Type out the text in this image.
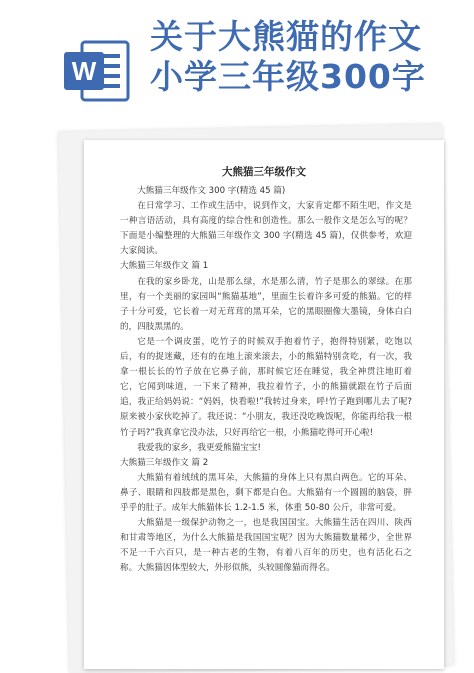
W
关于大熊猫的作文
小学三年级300字
大熊猫三年级作文

大熊猫三年级作文 300 字(精选 45 篇)

在日常学习、工作或生活中，说到作文，大家肯定都不陌生吧，作文是一种言语活动，具有高度的综合性和创造性。那么一般作文是怎么写的呢？下面是小编整理的大熊猫三年级作文 300 字(精选 45 篇)，仅供参考，欢迎大家阅读。

大熊猫三年级作文 篇 1

在我的家乡卧龙，山是那么绿，水是那么清，竹子是那么的翠绿。在那里，有一个美丽的家园叫“熊猫基地”，里面生长着许多可爱的熊猫。它的样子十分可爱，它长着一对无茸茸的黑耳朵，它的黑眼圈像大墨镜，身体白白的，四肢黑黑的。

它是一个调皮蛋，吃竹子的时候双手抱着竹子，抱得特别紧，吃饱以后，有的捉迷藏，还有的在地上滚来滚去，小的熊猫特别贪吃，有一次，我拿一根长长的竹子放在它鼻子前，那时候它还在睡觉，我全神贯注地盯着它，它闻到味道，一下来了精神，我拉着竹子，小的熊猫就跟在竹子后面追，我正给妈妈说：“妈妈，快看啦!”我转过身来，呼!竹子跑到哪儿去了呢?原来被小家伙吃掉了。我还说：“小朋友，我还没吃晚饭呢，你能再给我一根竹子吗?”我真拿它没办法，只好再给它一根，小熊猫吃得可开心啦!

我爱我的家乡，我更爱熊猫宝宝!

大熊猫三年级作文 篇 2

大熊猫有着绒绒的黑耳朵，大熊猫的身体上只有黑白两色。它的耳朵、鼻子、眼睛和四肢都是黑色，剩下都是白色。大熊猫有一个圆圆的脑袋，胖乎乎的肚子。成年大熊猫体长 1.2-1.5 米，体重 50-80 公斤，非常可爱。

大熊猫是一级保护动物之一，也是我国国宝。大熊猫生活在四川、陕西和甘肃等地区，为什么大熊猫是我国国宝呢？因为大熊猫数量稀少，全世界不足一千六百只，是一种古老的生物，有着八百年的历史，也有活化石之称。大熊猫因体型较大，外形似熊，头较圆像猫而得名。
